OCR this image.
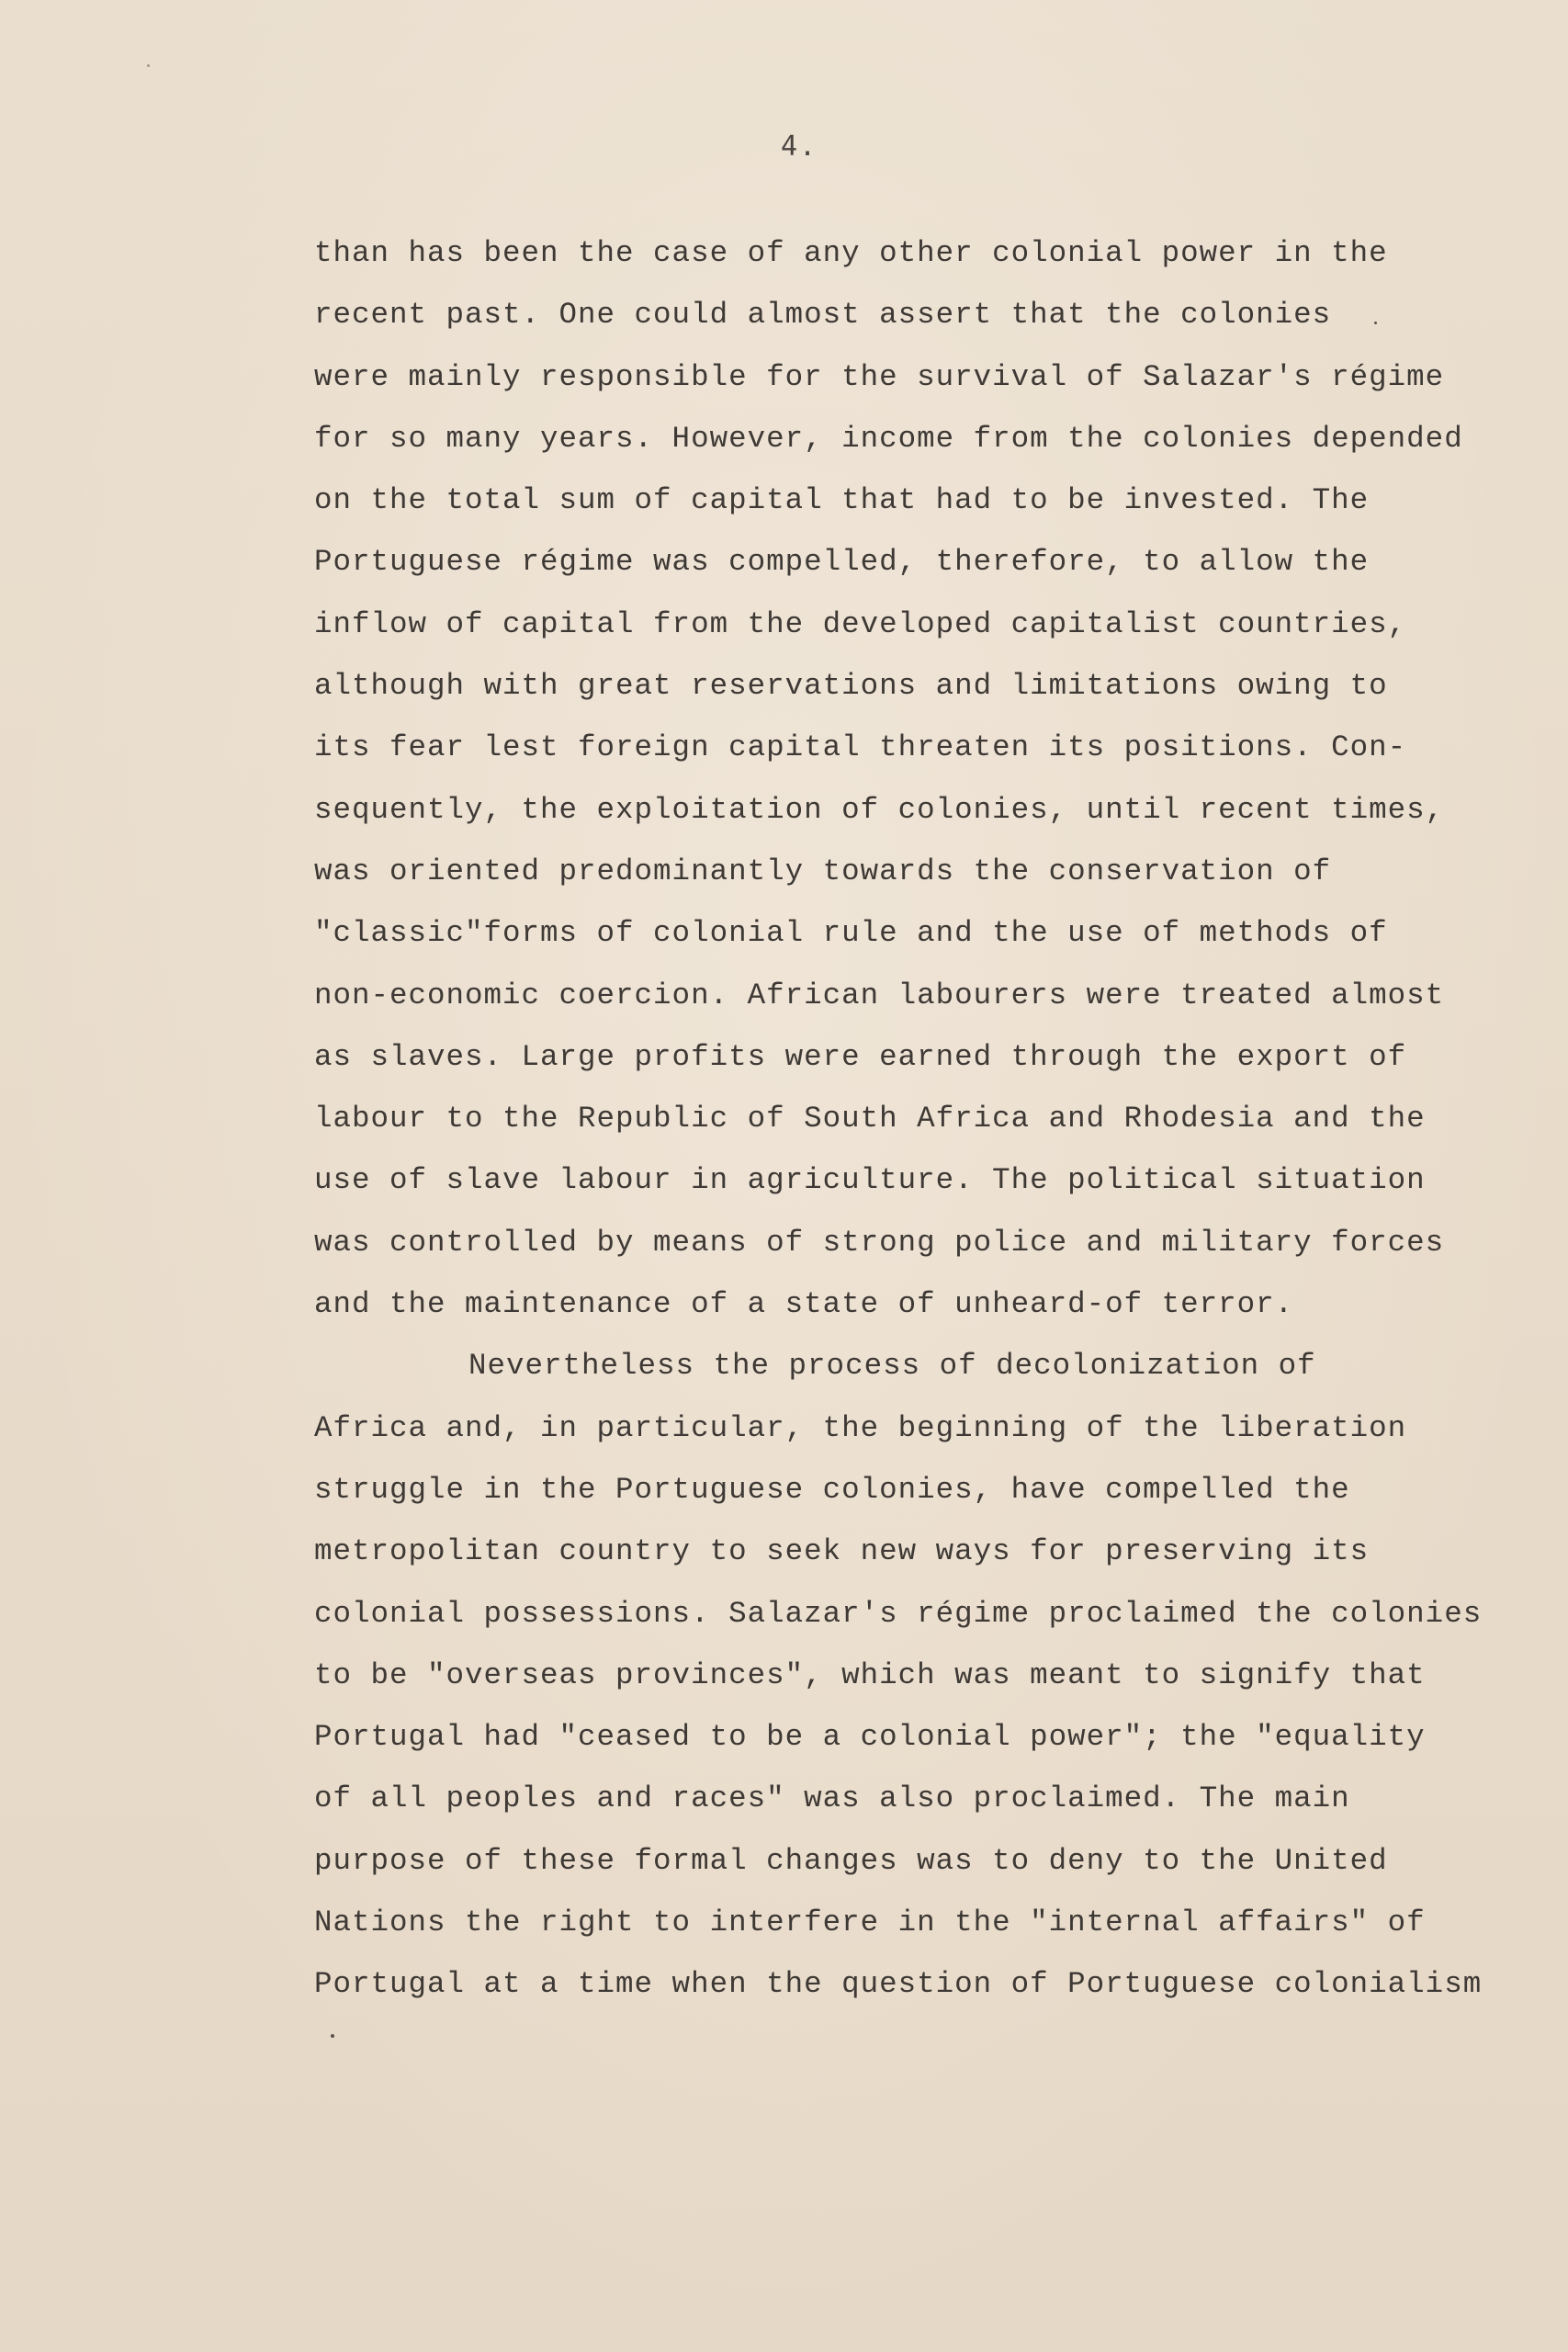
4.
than has been the case of any other colonial power in the
recent past. One could almost assert that the colonies
were mainly responsible for the survival of Salazar's régime
for so many years. However, income from the colonies depended
on the total sum of capital that had to be invested. The
Portuguese régime was compelled, therefore, to allow the
inflow of capital from the developed capitalist countries,
although with great reservations and limitations owing to
its fear lest foreign capital threaten its positions. Con-
sequently, the exploitation of colonies, until recent times,
was oriented predominantly towards the conservation of
"classic"forms of colonial rule and the use of methods of
non-economic coercion. African labourers were treated almost
as slaves. Large profits were earned through the export of
labour to the Republic of South Africa and Rhodesia and the
use of slave labour in agriculture. The political situation
was controlled by means of strong police and military forces
and the maintenance of a state of unheard-of terror.
Nevertheless the process of decolonization of
Africa and, in particular, the beginning of the liberation
struggle in the Portuguese colonies, have compelled the
metropolitan country to seek new ways for preserving its
colonial possessions. Salazar's régime proclaimed the colonies
to be "overseas provinces", which was meant to signify that
Portugal had "ceased to be a colonial power"; the "equality
of all peoples and races" was also proclaimed. The main
purpose of these formal changes was to deny to the United
Nations the right to interfere in the "internal affairs" of
Portugal at a time when the question of Portuguese colonialism
